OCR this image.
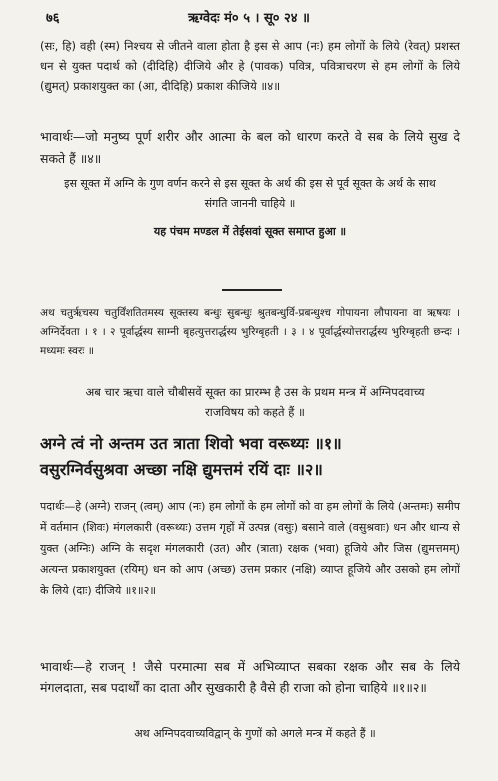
७६	ऋग्वेदः मं० ५ । सू० २४ ॥
(सः, हि) वही (स्म) निश्चय से जीतने वाला होता है इस से आप (नः) हम लोगों के लिये (रेवत्) प्रशस्त धन से युक्त पदार्थ को (दीदिहि) दीजिये और हे (पावक) पवित्र, पवित्राचरण से हम लोगों के लिये (द्युमत्) प्रकाशयुक्त का (आ, दीदिहि) प्रकाश कीजिये ॥४॥
भावार्थः—जो मनुष्य पूर्ण शरीर और आत्मा के बल को धारण करते वे सब के लिये सुख दे सकते हैं ॥४॥
इस सूक्त में अग्नि के गुण वर्णन करने से इस सूक्त के अर्थ की इस से पूर्व सूक्त के अर्थ के साथ संगति जाननी चाहिये ॥
यह पंचम मण्डल में तेईसवां सूक्त समाप्त हुआ ॥
अथ चतुर्ऋचस्य चतुर्विंशतितमस्य सूक्तस्य बन्धुः सुबन्धुः श्रुतबन्धुर्वि-प्रबन्धुश्च गोपायना लौपायना वा ऋषयः । अग्निर्देवता । १ । २ पूर्वार्द्धस्य साम्नी बृहत्युत्तरार्द्धस्य भुरिग्बृहती । ३ । ४ पूर्वार्द्धस्योत्तरार्द्धस्य भुरिग्बृहती छन्दः । मध्यमः स्वरः ॥
अब चार ऋचा वाले चौबीसवें सूक्त का प्रारम्भ है उस के प्रथम मन्त्र में अग्निपदवाच्य राजविषय को कहते हैं ॥
अग्ने त्वं नो अन्तम उत त्राता शिवो भवा वरूथ्यः ॥१॥
वसुरग्निर्वसुश्रवा अच्छा नक्षि द्युमत्तमं रयिं दाः ॥२॥
पदार्थः—हे (अग्ने) राजन् (त्वम्) आप (नः) हम लोगों के हम लोगों को वा हम लोगों के लिये (अन्तमः) समीप में वर्तमान (शिवः) मंगलकारी (वरूथ्यः) उत्तम गृहों में उत्पन्न (वसुः) बसाने वाले (वसुश्रवाः) धन और धान्य से युक्त (अग्निः) अग्नि के सदृश मंगलकारी (उत) और (त्राता) रक्षक (भवा) हूजिये और जिस (द्युमत्तमम्) अत्यन्त प्रकाशयुक्त (रयिम्) धन को आप (अच्छ) उत्तम प्रकार (नक्षि) व्याप्त हूजिये और उसको हम लोगों के लिये (दाः) दीजिये ॥१॥२॥
भावार्थः—हे राजन् ! जैसे परमात्मा सब में अभिव्याप्त सबका रक्षक और सब के लिये मंगलदाता, सब पदार्थों का दाता और सुखकारी है वैसे ही राजा को होना चाहिये ॥१॥२॥
अथ अग्निपदवाच्यविद्वान् के गुणों को अगले मन्त्र में कहते हैं ॥
